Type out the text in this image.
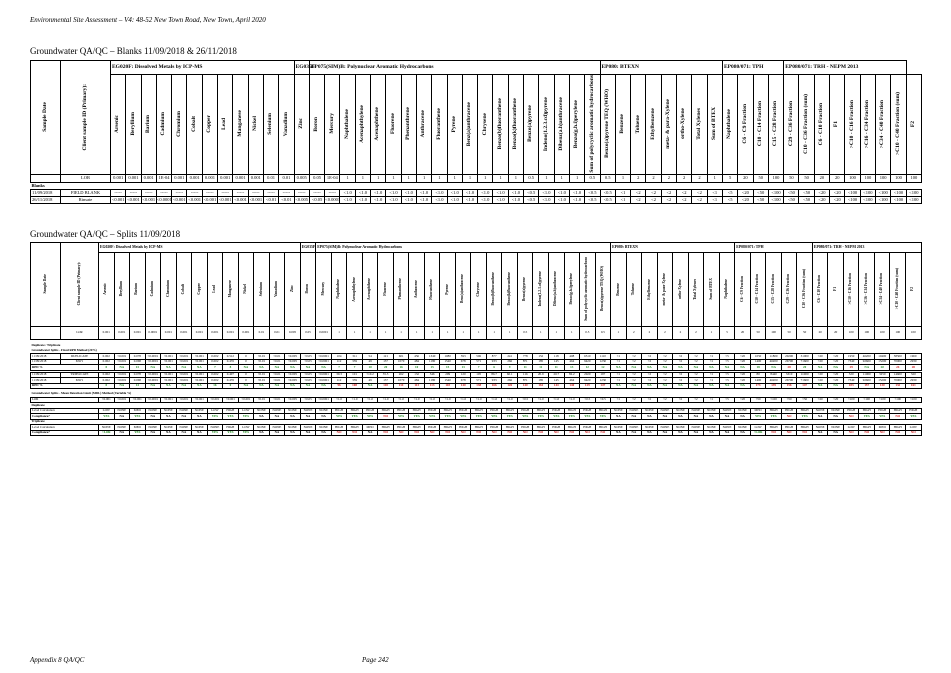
Environmental Site Assessment – V4: 48-52 New Town Road, New Town, April 2020
Groundwater QA/QC – Blanks 11/09/2018 & 26/11/2018
Sample Date	Client sample ID (Primary):	EG020F: Dissolved Metals by ICP-MS												EG035F	EP075(SIM)B: Polynuclear Aromatic Hydrocarbons																			EP080: BTEXN								EP080/071: TPH				EP080/071: TRH - NEPM 2013								
		Arsenic	Beryllium	Barium	Cadmium	Chromium	Cobalt	Copper	Lead	Manganese	Nickel	Selenium	Vanadium	Zinc	Boron	Mercury	Naphthalene	Acenaphthylene	Acenaphthene	Fluorene	Phenanthrene	Anthracene	Fluoranthene	Pyrene	Benz(a)anthracene	Chrysene	Benzo(b)fluoranthene	Benzo(k)fluoranthene	Benzo(a)pyrene	Indeno(1.2.3.cd)pyrene	Dibenz(a.h)anthracene	Benzo(g.h.i)perylene	Sum of polycyclic aromatic hydrocarbons	Benzo(a)pyrene TEQ (WHO)	Benzene	Toluene	Ethylbenzene	meta- & para-Xylene	ortho-Xylene	Total Xylenes	Sum of BTEX	Naphthalene	C6 - C9 Fraction	C10 - C14 Fraction	C15 - C28 Fraction	C29 - C36 Fraction	C10 - C36 Fraction (sum)	C6 - C10 Fraction	F1	>C10 - C16 Fraction	>C16 - C34 Fraction	>C34 - C40 Fraction	>C10 - C40 Fraction (sum)	F2
	LOR	0.001	0.001	0.001	1E-04	0.001	0.001	0.001	0.001	0.001	0.001	0.01	0.01	0.005	0.05	1E-04	1	1	1	1	1	1	1	1	1	1	1	1	0.5	1	1	1	0.5	0.5	1	2	2	2	2	2	1	5	20	50	100	50	50	20	20	100	100	100	100	100
Blanks																																																						
11/09/2018	FIELD BLANK	-----	-----	-----	-----	-----	-----	-----	-----	-----	-----	-----	-----	-----	-----	-----	<1.0	<1.0	<1.0	<1.0	<1.0	<1.0	<1.0	<1.0	<1.0	<1.0	<1.0	<1.0	<0.5	<1.0	<1.0	<1.0	<0.5	<0.5	<1	<2	<2	<2	<2	<2	<1	<5	<20	<50	<100	<50	<50	<20	<20	<100	<100	<100	<100	<100
26/11/2018	Rinsate	<0.001	<0.001	<0.001	<0.0001	<0.001	<0.001	<0.001	<0.001	<0.001	<0.001	<0.01	<0.01	<0.005	<0.05	<0.0001	<1.0	<1.0	<1.0	<1.0	<1.0	<1.0	<1.0	<1.0	<1.0	<1.0	<1.0	<1.0	<0.5	<1.0	<1.0	<1.0	<0.5	<0.5	<1	<2	<2	<2	<2	<2	<1	<5	<20	<50	<100	<50	<50	<20	<20	<100	<100	<100	<100	<100
Groundwater QA/QC – Splits 11/09/2018
Sample Date	Client sample ID (Primary):	EG020F: Dissolved Metals by ICP-MS													EG035F	EP075(SIM)B: Polynuclear Aromatic Hydrocarbons																			EP080: BTEXN								EP080/071: TPH					EP080/071: TRH - NEPM 2013						
		Arsenic	Beryllium	Barium	Cadmium	Chromium	Cobalt	Copper	Lead	Manganese	Nickel	Selenium	Vanadium	Zinc	Boron	Mercury	Naphthalene	Acenaphthylene	Acenaphthene	Fluorene	Phenanthrene	Anthracene	Fluoranthene	Pyrene	Benz(a)anthracene	Chrysene	Benzo(b)fluoranthene	Benzo(k)fluoranthene	Benzo(a)pyrene	Indeno(1.2.3.cd)pyrene	Dibenz(a.h)anthracene	Benzo(g.h.i)perylene	Sum of polycyclic aromatic hydrocarbons	Benzo(a)pyrene TEQ (WHO)	Benzene	Toluene	Ethylbenzene	meta- & para-Xylene	ortho-Xylene	Total Xylenes	Sum of BTEX	Naphthalene	C6 - C9 Fraction	C10 - C14 Fraction	C15 - C28 Fraction	C29 - C36 Fraction	C10 - C36 Fraction (sum)	C6 - C10 Fraction	F1	>C10 - C16 Fraction	>C16 - C34 Fraction	>C34 - C40 Fraction	>C10 - C40 Fraction (sum)	F2
	LOR	0.001	0.001	0.001	0.0001	0.001	0.001	0.001	0.001	0.001	0.001	0.01	0.01	0.005	0.05	0.0001	1	1	1	1	1	1	1	1	1	1	1	1	0.5	1	1	1	0.5	0.5	1	2	2	2	2	2	1	5	20	50	100	50	50	20	20	100	100	100	100	100

Duplicate / Triplicate																																																						
Groundwater Splits - Fixed RPD Method (20%)																																																						
11/09/2018	DUPLICATE	0.002	<0.001	0.078	<0.0001	<0.001	<0.001	<0.001	0.002	0.512	0	<0.01	<0.01	<0.005	<0.05	<0.0001	104	311	54	121	601	456	1340	1080	593	506	877	241	778	152	118	408	6510	1110	<1	<2	<2	<2	<2	<2	<1	<5	<20	1050	11800	20200	31000	<20	<20	1950	46200	10400	58500	1960
11/09/2018	MW1	0.002	<0.001	0.068	<0.0001	<0.001	<0.001	<0.001	0.002	0.476	0	<0.01	<0.01	<0.005	<0.05	<0.0001	112	339	49	137	1070	484	1180	1540	678	571	933	266	871	185	145	464	9420	1230	<1	<2	<2	<2	<2	<2	<1	<5	<20	1400	46200	26700	71600	<20	<20	7340	92600	15200	70000	2930
RPD %		0	NA	13	NA	NA	NA	NA	7	8	NA	NA	NA	NA	NA	NA	7	7	10	20	16	10	15	15	13	7	6	9	11	11	11	13	12	12	NA	NA	NA	NA	NA	NA	NA	NA	NA	18	NA	28	20	NA	NA	29	NA	20	24	28

11/09/2018	TRIPLICATE	0.002	<0.001	0.078	<0.0001	<0.001	<0.001	<0.001	0.002	0.407	0	<0.01	<0.01	<0.005	<0.05	<0.0001	39.3	101	<10.2	35.3	262	132	346	299	120	105	86.7	60.1	116	20.9	20.7	82.2	2020	197	<1	<2	<2	<2	<2	<2	<1	<5	<20	80	8440	3310	11000	<20	<20	320	11000	3250	14600	320
11/09/2018	MW1	0.002	<0.001	0.068	<0.0001	<0.001	<0.001	<0.001	0.002	0.476	0	<0.01	<0.01	<0.005	<0.05	<0.0001	112	339	49	137	1070	484	1180	1540	678	571	933	266	871	185	145	464	9420	1230	<1	<2	<2	<2	<2	<2	<1	<5	<20	1400	46200	26700	71600	<20	<20	7340	92600	15200	70000	2930
RPD %		0	NA	14	NA	NA	NA	NA	16	0	NA	NA	NA	NA	NA	NA	96	108	NA	118	114	113	113	118	140	138	166	126	140	161	144	140	129	147	NA	NA	NA	NA	NA	NA	NA	NA	NA	173	139	156	147	NA	NA	183	157	130	132	161

Groundwater Splits - Mean Detection Limit (MDL) Method (Variable %)																																																						
LOR		<0.001	<0.001	<0.001	<0.0001	<0.001	<0.001	<0.001	<0.001	<0.001	<0.001	<0.01	<0.01	<0.005	<0.05	<0.0001	<1.0	<1.0	<1.0	<1.0	<1.0	<1.0	<1.0	<1.0	<1.0	<1.0	<1.0	<1.0	<0.5	<1.0	<1.0	<1.0	<0.5	<0.5	<1	<2	<2	<2	<2	<2	<1	<5	<20	<50	<100	<50	<50	<20	<20	<100	<100	<100	<100	<100
Duplicate																																																						
Level Calculation		LOW	NONE	MED	NONE	NONE	NONE	NONE	LOW	HIGH	LOW	NONE	NONE	NONE	NONE	NONE	HIGH	HIGH	HIGH	HIGH	HIGH	HIGH	HIGH	HIGH	HIGH	HIGH	HIGH	HIGH	HIGH	HIGH	HIGH	HIGH	HIGH	HIGH	NONE	NONE	NONE	NONE	NONE	NONE	NONE	NONE	NONE	MED	HIGH	HIGH	HIGH	NONE	NONE	HIGH	HIGH	HIGH	HIGH	HIGH
Compliance?		YES	NA	YES	NA	NA	NA	NA	YES	YES	YES	NA	NA	NA	NA	NA	YES	YES	YES	NO	YES	YES	YES	YES	YES	YES	YES	YES	YES	YES	YES	YES	YES	YES	NA	NA	NA	NA	NA	NA	NA	NA	NA	YES	YES	NO	YES	NA	NA	NO	YES	YES	NO	YES
Triplicate																																																						
Level Calculation		NONE	NONE	MED	NONE	NONE	NONE	NONE	NONE	HIGH	LOW	NONE	NONE	NONE	NONE	NONE	HIGH	HIGH	MED	HIGH	HIGH	HIGH	HIGH	HIGH	HIGH	HIGH	HIGH	HIGH	HIGH	HIGH	HIGH	HIGH	HIGH	HIGH	NONE	NONE	NONE	NONE	NONE	NONE	NONE	NONE	NONE	LOW	HIGH	HIGH	HIGH	NONE	NONE	LOW	HIGH	MED	HIGH	LOW
Compliance?		<LOR	NA	YES	NA	NA	NA	NA	YES	YES	YES	NA	NA	NA	NA	NA	NO	NO	NA	NO	NO	NO	NO	NO	NO	NO	NO	NO	NO	NO	NO	NO	NO	NO	NA	NA	NA	NA	NA	NA	NA	NA	NA	<LOR	NO	NO	NO	NA	NA	NO	NO	NO	NO	NO
Appendix 8 QA/QC	Page 242
